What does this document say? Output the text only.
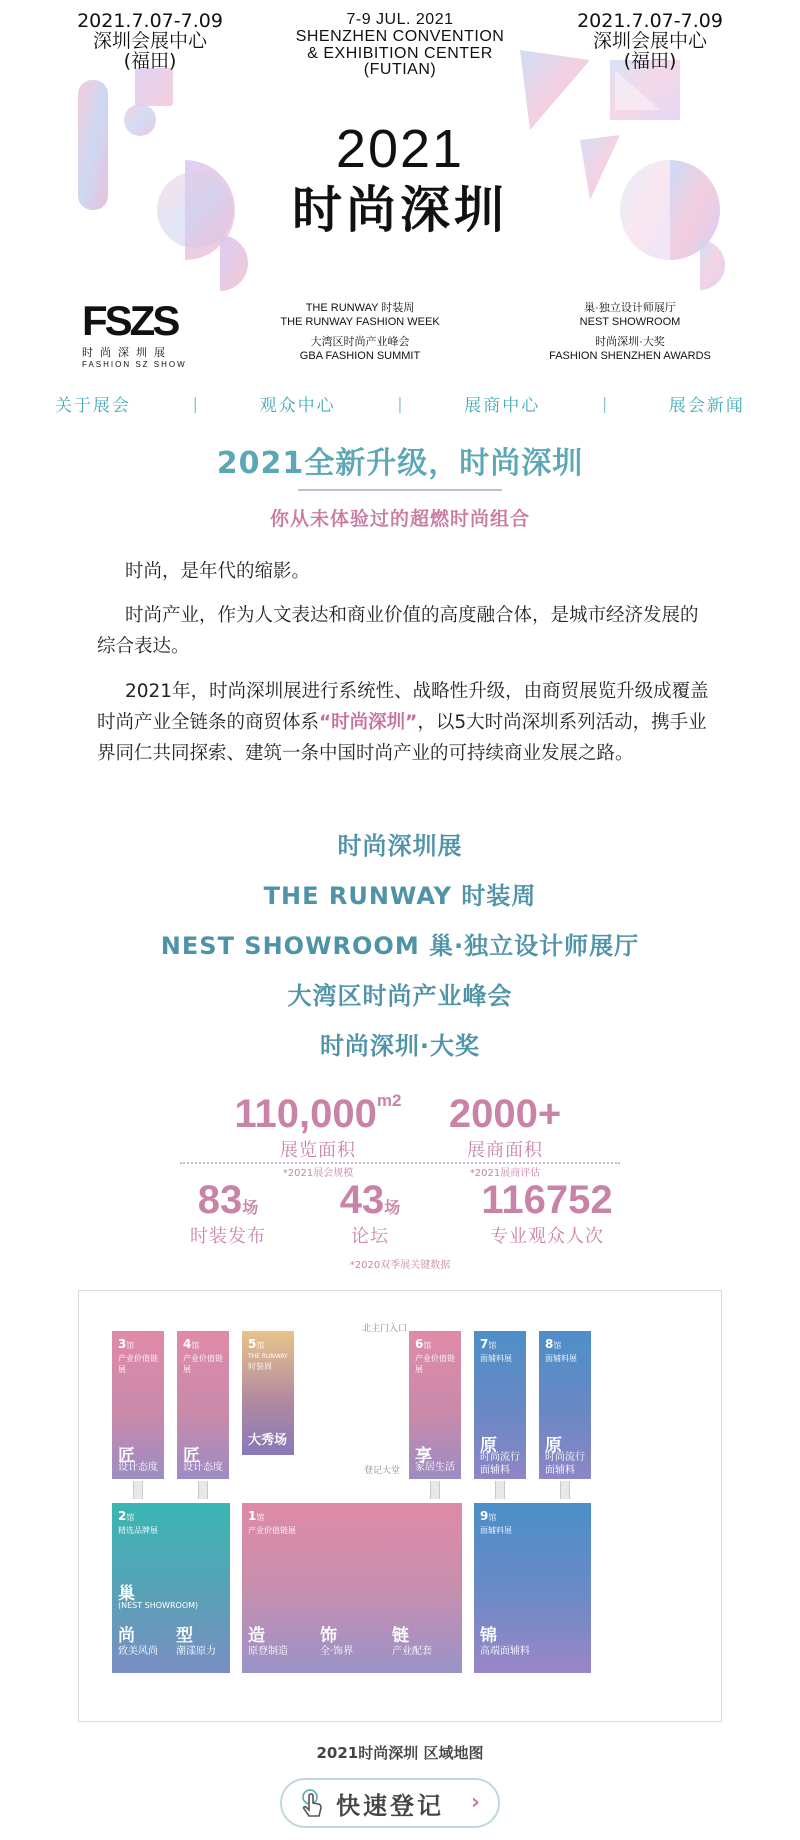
2021.7.07-7.09
深圳会展中心
(福田)
7-9 JUL. 2021
SHENZHEN CONVENTION
& EXHIBITION CENTER
(FUTIAN)
2021.7.07-7.09
深圳会展中心
(福田)
2021
时尚深圳
FSZS
时尚深圳展
FASHION SZ SHOW
THE RUNWAY 时装周
THE RUNWAY FASHION WEEK
大湾区时尚产业峰会
GBA FASHION SUMMIT
巢·独立设计师展厅
NEST SHOWROOM
时尚深圳·大奖
FASHION SHENZHEN AWARDS
关于展会	|	观众中心	|	展商中心	|	展会新闻
2021全新升级，时尚深圳
你从未体验过的超燃时尚组合

时尚，是年代的缩影。

时尚产业，作为人文表达和商业价值的高度融合体，是城市经济发展的综合表达。

2021年，时尚深圳展进行系统性、战略性升级，由商贸展览升级成覆盖时尚产业全链条的商贸体系“时尚深圳”，以5大时尚深圳系列活动，携手业界同仁共同探索、建筑一条中国时尚产业的可持续商业发展之路。

时尚深圳展
THE RUNWAY 时装周
NEST SHOWROOM 巢·独立设计师展厅
大湾区时尚产业峰会
时尚深圳·大奖
$110,000^{m2}$
展览面积
*2021展会规模
2000+
展商面积
*2021展商评估
83场
时装发布
43场
论坛
116752
专业观众人次
*2020双季展关键数据
北主门入口
登记大堂
3馆
产业价值链展
匠
设计态度
4馆
产业价值链展
匠
设计态度
5馆
THE RUNWAY
时装周
大秀场
6馆
产业价值链展
享
家居生活
7馆
面辅料展
原
时尚流行
面辅料
8馆
面辅料展
原
时尚流行
面辅料
2馆
精选品牌展
巢
(NEST SHOWROOM)
尚 型
致美风尚 潮漾原力
1馆
产业价值链展
造	饰	链
原登制造	全·饰界	产业配套
9馆
面辅料展
锦
高端面辅料
2021时尚深圳 区域地图
快速登记 ›
